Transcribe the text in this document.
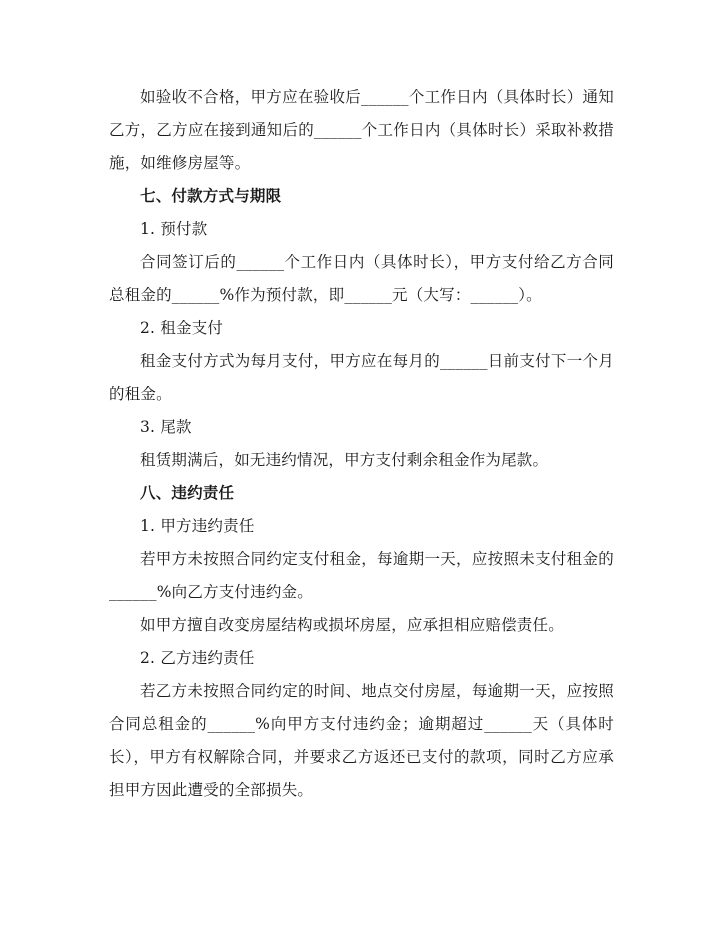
如验收不合格，甲方应在验收后______个工作日内（具体时长）通知乙方，乙方应在接到通知后的______个工作日内（具体时长）采取补救措施，如维修房屋等。

七、付款方式与期限

1. 预付款

合同签订后的______个工作日内（具体时长），甲方支付给乙方合同总租金的______%作为预付款，即______元（大写：______）。

2. 租金支付

租金支付方式为每月支付，甲方应在每月的______日前支付下一个月的租金。

3. 尾款

租赁期满后，如无违约情况，甲方支付剩余租金作为尾款。

八、违约责任

1. 甲方违约责任

若甲方未按照合同约定支付租金，每逾期一天，应按照未支付租金的______%向乙方支付违约金。

如甲方擅自改变房屋结构或损坏房屋，应承担相应赔偿责任。

2. 乙方违约责任

若乙方未按照合同约定的时间、地点交付房屋，每逾期一天，应按照合同总租金的______%向甲方支付违约金；逾期超过______天（具体时长），甲方有权解除合同，并要求乙方返还已支付的款项，同时乙方应承担甲方因此遭受的全部损失。
